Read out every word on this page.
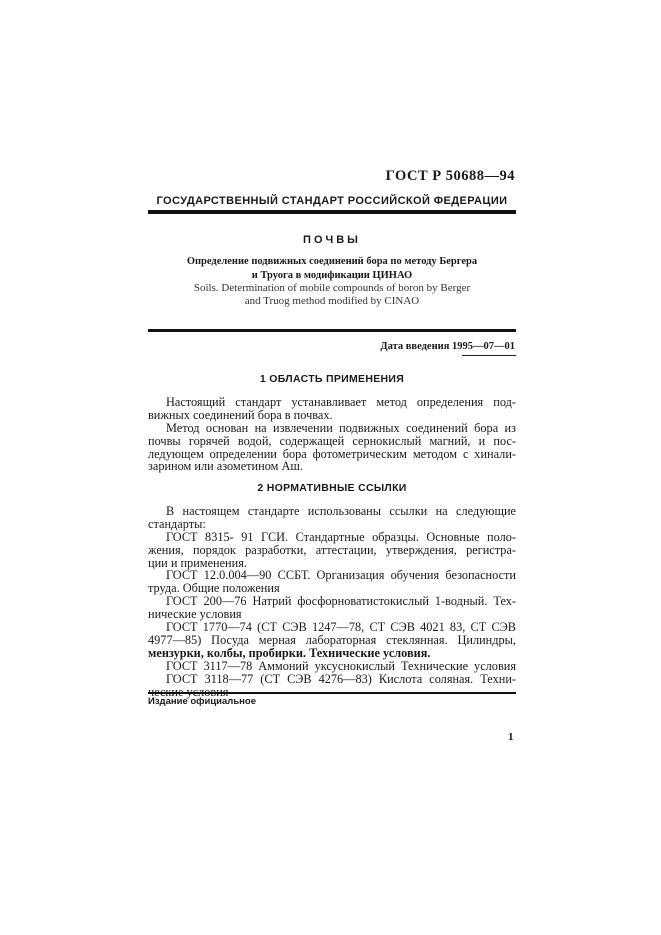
ГОСТ Р 50688—94
ГОСУДАРСТВЕННЫЙ СТАНДАРТ РОССИЙСКОЙ ФЕДЕРАЦИИ
ПОЧВЫ
Определение подвижных соединений бора по методу Бергера
и Труога в модификации ЦИНАО
Soils. Determination of mobile compounds of boron by Berger
and Truog method modified by CINAO
Дата введения 1995—07—01
1 ОБЛАСТЬ ПРИМЕНЕНИЯ
Настоящий стандарт устанавливает метод определения под-
вижных соединений бора в почвах.
Метод основан на извлечении подвижных соединений бора из
почвы горячей водой, содержащей сернокислый магний, и пос-
ледующем определении бора фотометрическим методом с хинали-
зарином или азометином Аш.
2 НОРМАТИВНЫЕ ССЫЛКИ
В настоящем стандарте использованы ссылки на следующие
стандарты:
ГОСТ 8315- 91 ГСИ. Стандартные образцы. Основные поло-
жения, порядок разработки, аттестации, утверждения, регистра-
ции и применения.
ГОСТ 12.0.004—90 ССБТ. Организация обучения безопасности
труда. Общие положения
ГОСТ 200—76 Натрий фосфорноватистокислый 1-водный. Тех-
нические условия
ГОСТ 1770—74 (СТ СЭВ 1247—78, СТ СЭВ 4021 83, СТ СЭВ
4977—85) Посуда мерная лабораторная стеклянная. Цилиндры,
мензурки, колбы, пробирки. Технические условия.
ГОСТ 3117—78 Аммоний уксуснокислый Технические условия
ГОСТ 3118—77 (СТ СЭВ 4276—83) Кислота соляная. Техни-
Издание официальное
1
